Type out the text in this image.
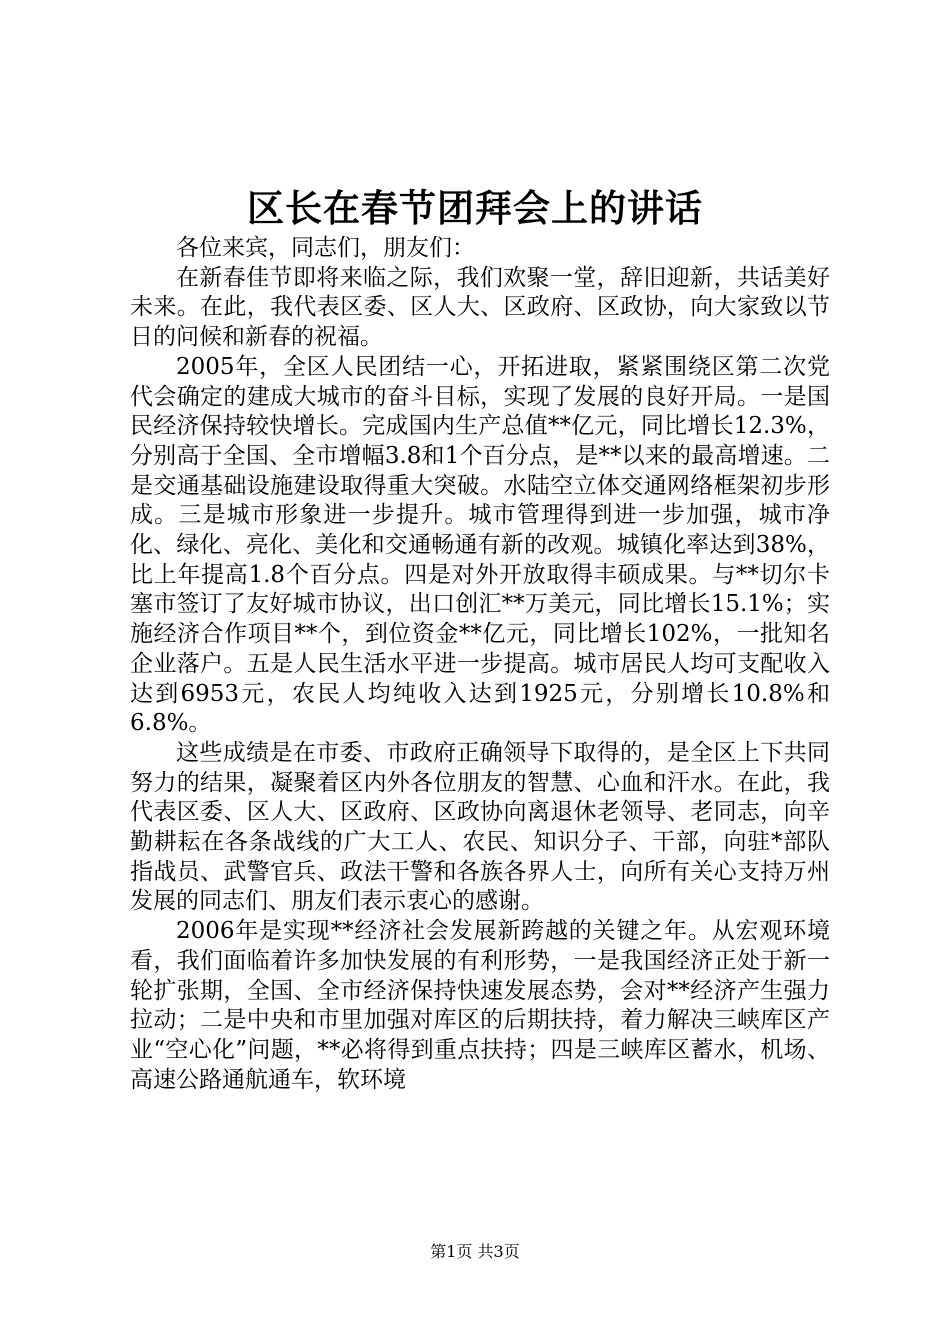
区长在春节团拜会上的讲话

各位来宾，同志们，朋友们：

在新春佳节即将来临之际，我们欢聚一堂，辞旧迎新，共话美好未来。在此，我代表区委、区人大、区政府、区政协，向大家致以节日的问候和新春的祝福。

2005年，全区人民团结一心，开拓进取，紧紧围绕区第二次党代会确定的建成大城市的奋斗目标，实现了发展的良好开局。一是国民经济保持较快增长。完成国内生产总值**亿元，同比增长12.3%，分别高于全国、全市增幅3.8和1个百分点，是**以来的最高增速。二是交通基础设施建设取得重大突破。水陆空立体交通网络框架初步形成。三是城市形象进一步提升。城市管理得到进一步加强，城市净化、绿化、亮化、美化和交通畅通有新的改观。城镇化率达到38%，比上年提高1.8个百分点。四是对外开放取得丰硕成果。与**切尔卡塞市签订了友好城市协议，出口创汇**万美元，同比增长15.1%；实施经济合作项目**个，到位资金**亿元，同比增长102%，一批知名企业落户。五是人民生活水平进一步提高。城市居民人均可支配收入达到6953元，农民人均纯收入达到1925元，分别增长10.8%和6.8%。

这些成绩是在市委、市政府正确领导下取得的，是全区上下共同努力的结果，凝聚着区内外各位朋友的智慧、心血和汗水。在此，我代表区委、区人大、区政府、区政协向离退休老领导、老同志，向辛勤耕耘在各条战线的广大工人、农民、知识分子、干部，向驻*部队指战员、武警官兵、政法干警和各族各界人士，向所有关心支持万州发展的同志们、朋友们表示衷心的感谢。

2006年是实现**经济社会发展新跨越的关键之年。从宏观环境看，我们面临着许多加快发展的有利形势，一是我国经济正处于新一轮扩张期，全国、全市经济保持快速发展态势，会对**经济产生强力拉动；二是中央和市里加强对库区的后期扶持，着力解决三峡库区产业“空心化”问题，**必将得到重点扶持；四是三峡库区蓄水，机场、高速公路通航通车，软环境

第1页 共3页
